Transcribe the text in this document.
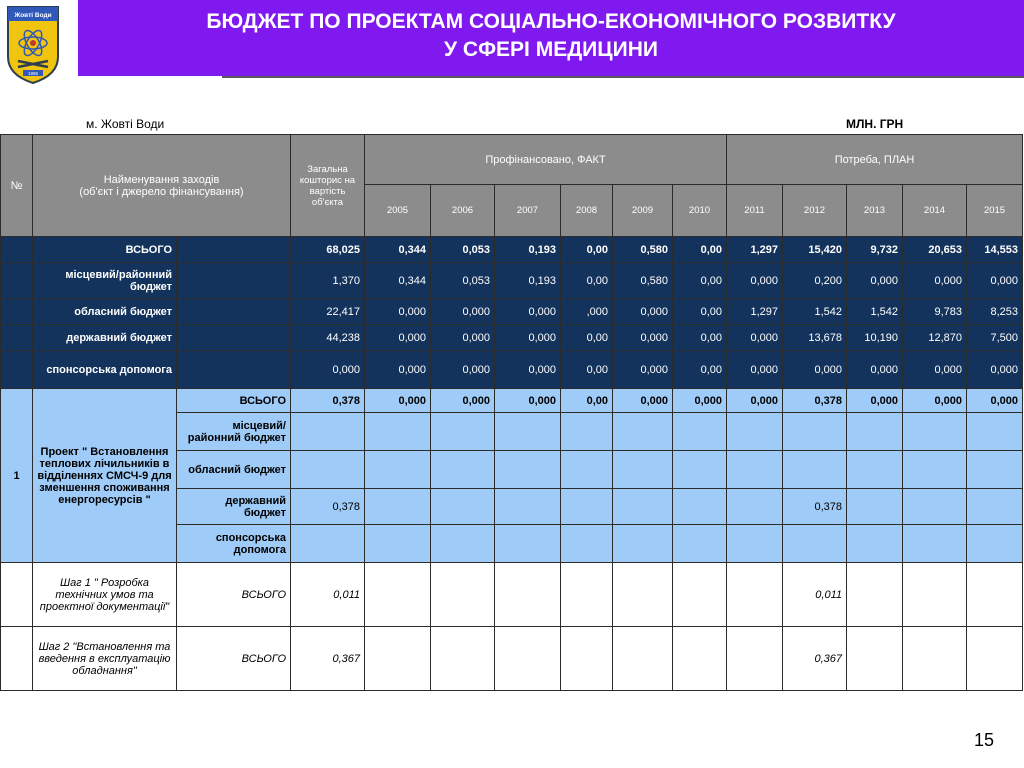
Жовті Води
1895
БЮДЖЕТ ПО ПРОЕКТАМ СОЦІАЛЬНО-ЕКОНОМІЧНОГО РОЗВИТКУ
У СФЕРІ МЕДИЦИНИ
м. Жовті Води	МЛН. ГРН
№	Найменування заходів
(об'єкт і джерело фінансування)		Загальна кошторис на вартість об'єкта	Профінансовано, ФАКТ						Потреба, ПЛАН				
				2005	2006	2007	2008	2009	2010	2011	2012	2013	2014	2015
	ВСЬОГО		68,025	0,344	0,053	0,193	0,00	0,580	0,00	1,297	15,420	9,732	20,653	14,553
	місцевий/районний бюджет		1,370	0,344	0,053	0,193	0,00	0,580	0,00	0,000	0,200	0,000	0,000	0,000
	обласний бюджет		22,417	0,000	0,000	0,000	,000	0,000	0,00	1,297	1,542	1,542	9,783	8,253
	державний бюджет		44,238	0,000	0,000	0,000	0,00	0,000	0,00	0,000	13,678	10,190	12,870	7,500
	спонсорська допомога		0,000	0,000	0,000	0,000	0,00	0,000	0,00	0,000	0,000	0,000	0,000	0,000
1	Проект " Встановлення теплових лічильників в відділеннях СМСЧ-9 для зменшення споживання енергоресурсів "	ВСЬОГО	0,378	0,000	0,000	0,000	0,00	0,000	0,000	0,000	0,378	0,000	0,000	0,000
		місцевий/районний бюджет												
		обласний бюджет												
		державний бюджет	0,378								0,378			
		спонсорська допомога												
	Шаг 1 " Розробка технічних умов та проектної документації"	ВСЬОГО	0,011								0,011			
	Шаг 2 "Встановлення та введення в експлуатацію обладнання"	ВСЬОГО	0,367								0,367			
15
